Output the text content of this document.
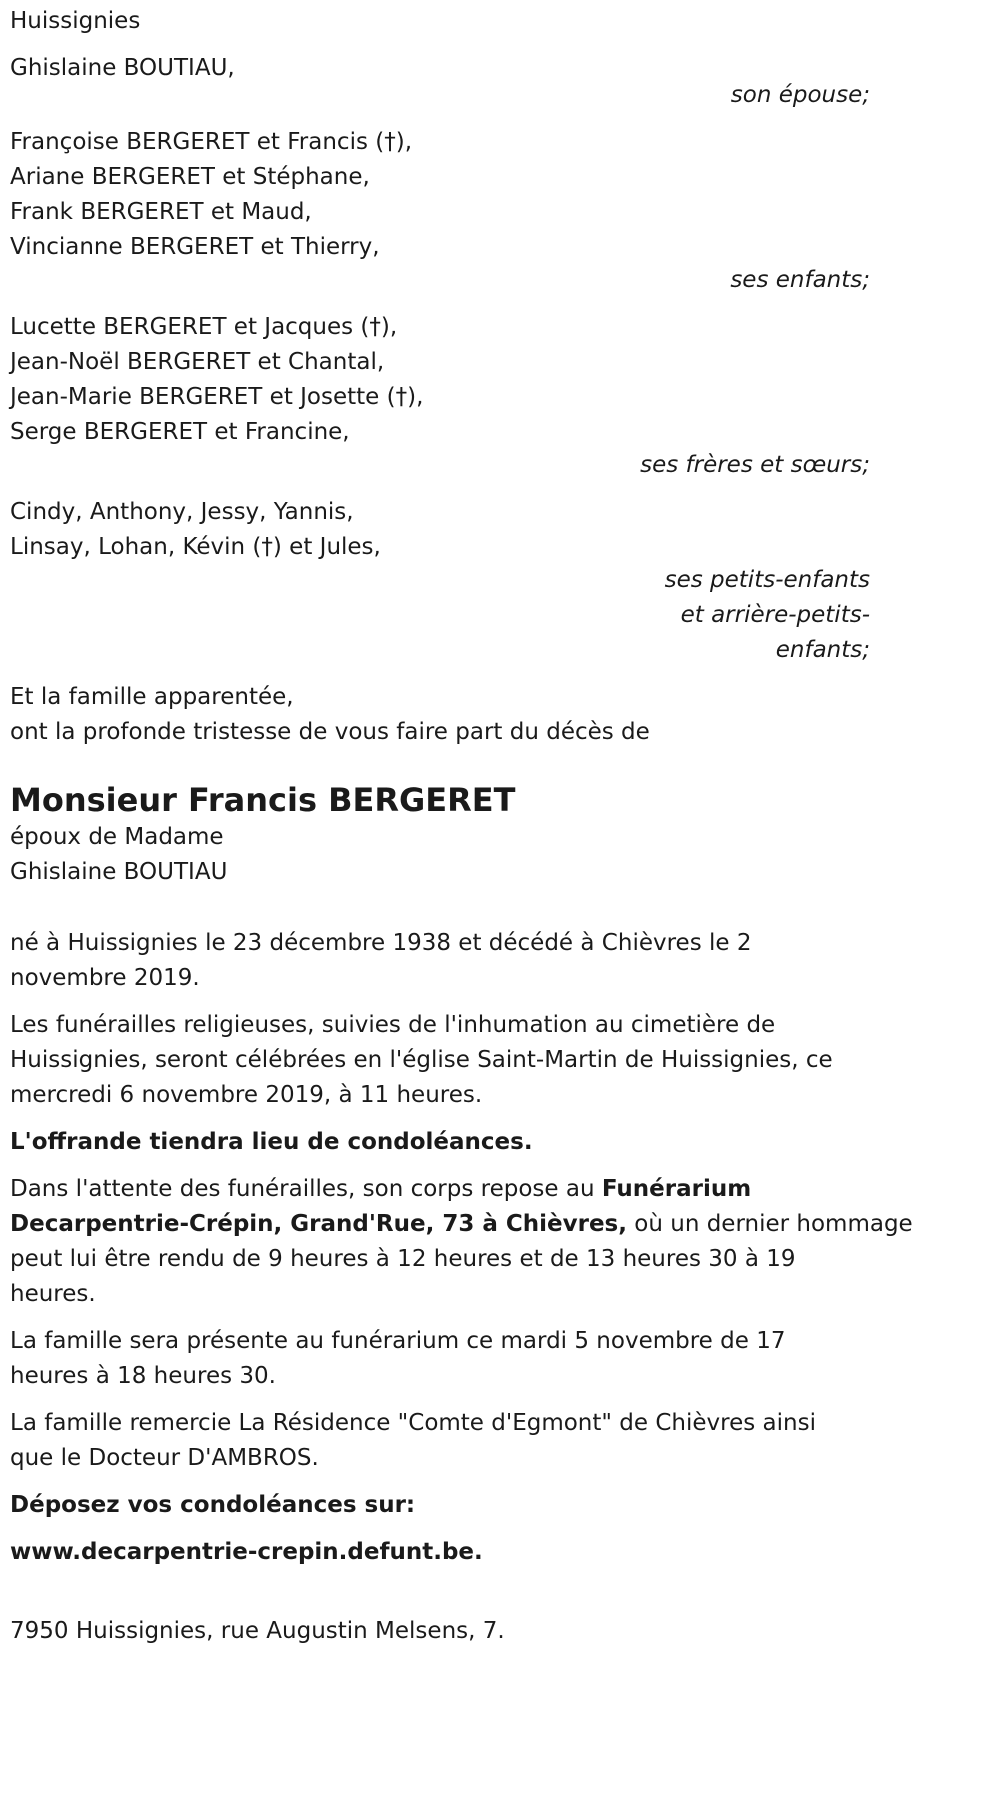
Huissignies
Ghislaine BOUTIAU,
son épouse;
Françoise BERGERET et Francis (†),
Ariane BERGERET et Stéphane,
Frank BERGERET et Maud,
Vincianne BERGERET et Thierry,
ses enfants;
Lucette BERGERET et Jacques (†),
Jean-Noël BERGERET et Chantal,
Jean-Marie BERGERET et Josette (†),
Serge BERGERET et Francine,
ses frères et sœurs;
Cindy, Anthony, Jessy, Yannis,
Linsay, Lohan, Kévin (†) et Jules,
ses petits-enfants
et arrière-petits-
enfants;
Et la famille apparentée,
ont la profonde tristesse de vous faire part du décès de
Monsieur Francis BERGERET
époux de Madame
Ghislaine BOUTIAU
né à Huissignies le 23 décembre 1938 et décédé à Chièvres le 2
novembre 2019.
Les funérailles religieuses, suivies de l'inhumation au cimetière de
Huissignies, seront célébrées en l'église Saint-Martin de Huissignies, ce
mercredi 6 novembre 2019, à 11 heures.
L'offrande tiendra lieu de condoléances.
Dans l'attente des funérailles, son corps repose au Funérarium
Decarpentrie-Crépin, Grand'Rue, 73 à Chièvres, où un dernier hommage
peut lui être rendu de 9 heures à 12 heures et de 13 heures 30 à 19
heures.
La famille sera présente au funérarium ce mardi 5 novembre de 17
heures à 18 heures 30.
La famille remercie La Résidence "Comte d'Egmont" de Chièvres ainsi
que le Docteur D'AMBROS.
Déposez vos condoléances sur:
www.decarpentrie-crepin.defunt.be.
7950 Huissignies, rue Augustin Melsens, 7.
